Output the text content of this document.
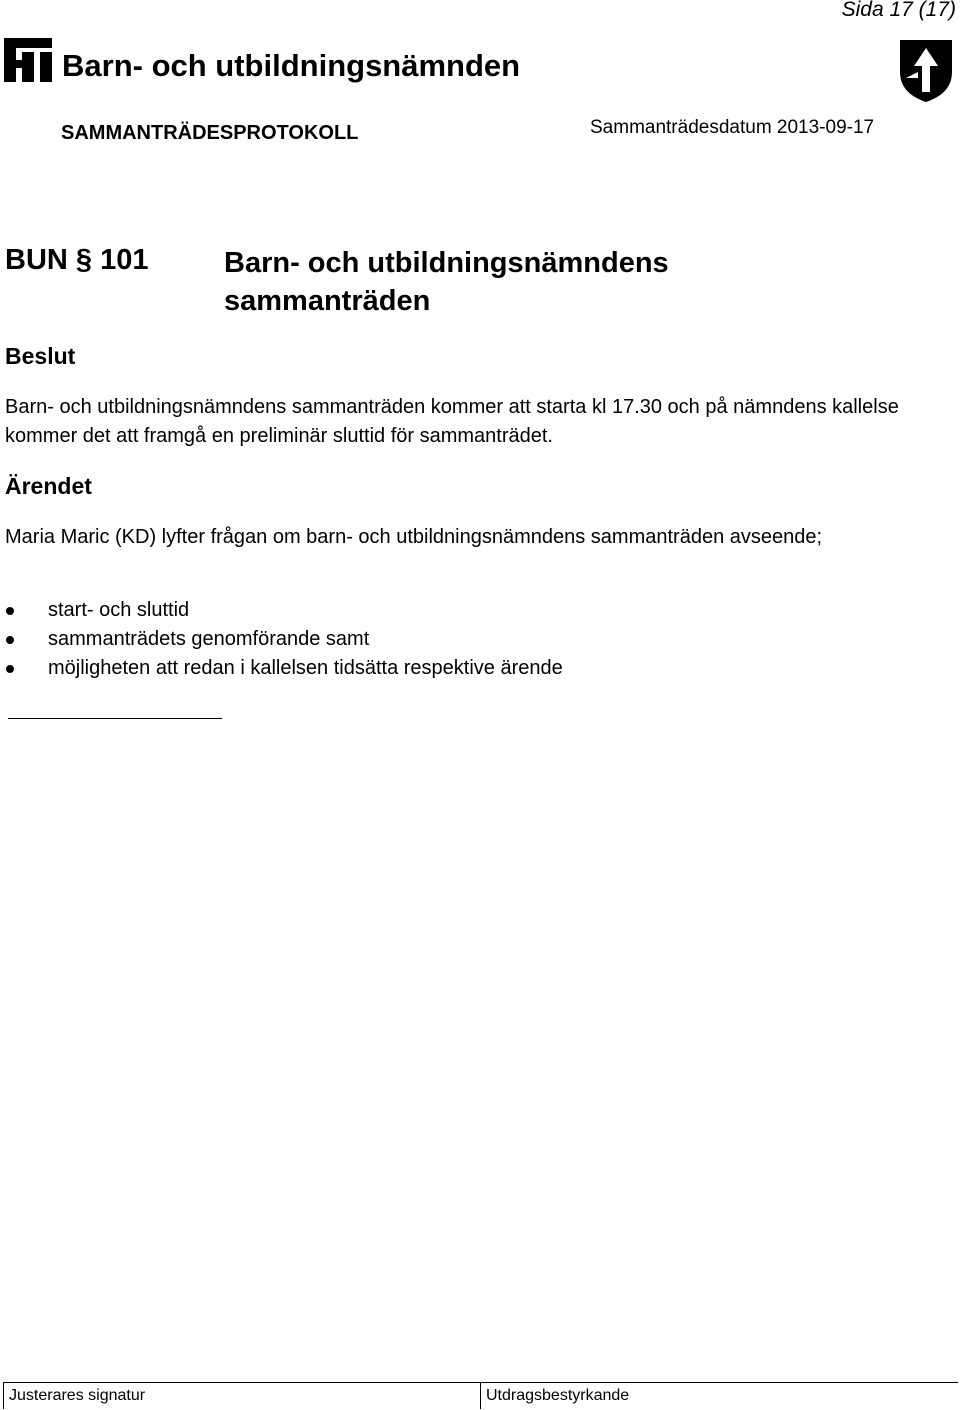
Sida 17 (17)
Barn- och utbildningsnämnden
SAMMANTRÄDESPROTOKOLL	Sammanträdesdatum 2013-09-17
BUN § 101	Barn- och utbildningsnämndens sammanträden
Beslut
Barn- och utbildningsnämndens sammanträden kommer att starta kl 17.30 och på nämndens kallelse kommer det att framgå en preliminär sluttid för sammanträdet.
Ärendet
Maria Maric (KD) lyfter frågan om barn- och utbildningsnämndens sammanträden avseende;
start- och sluttid
sammanträdets genomförande samt
möjligheten att redan i kallelsen tidsätta respektive ärende
Justerares signatur	Utdragsbestyrkande
